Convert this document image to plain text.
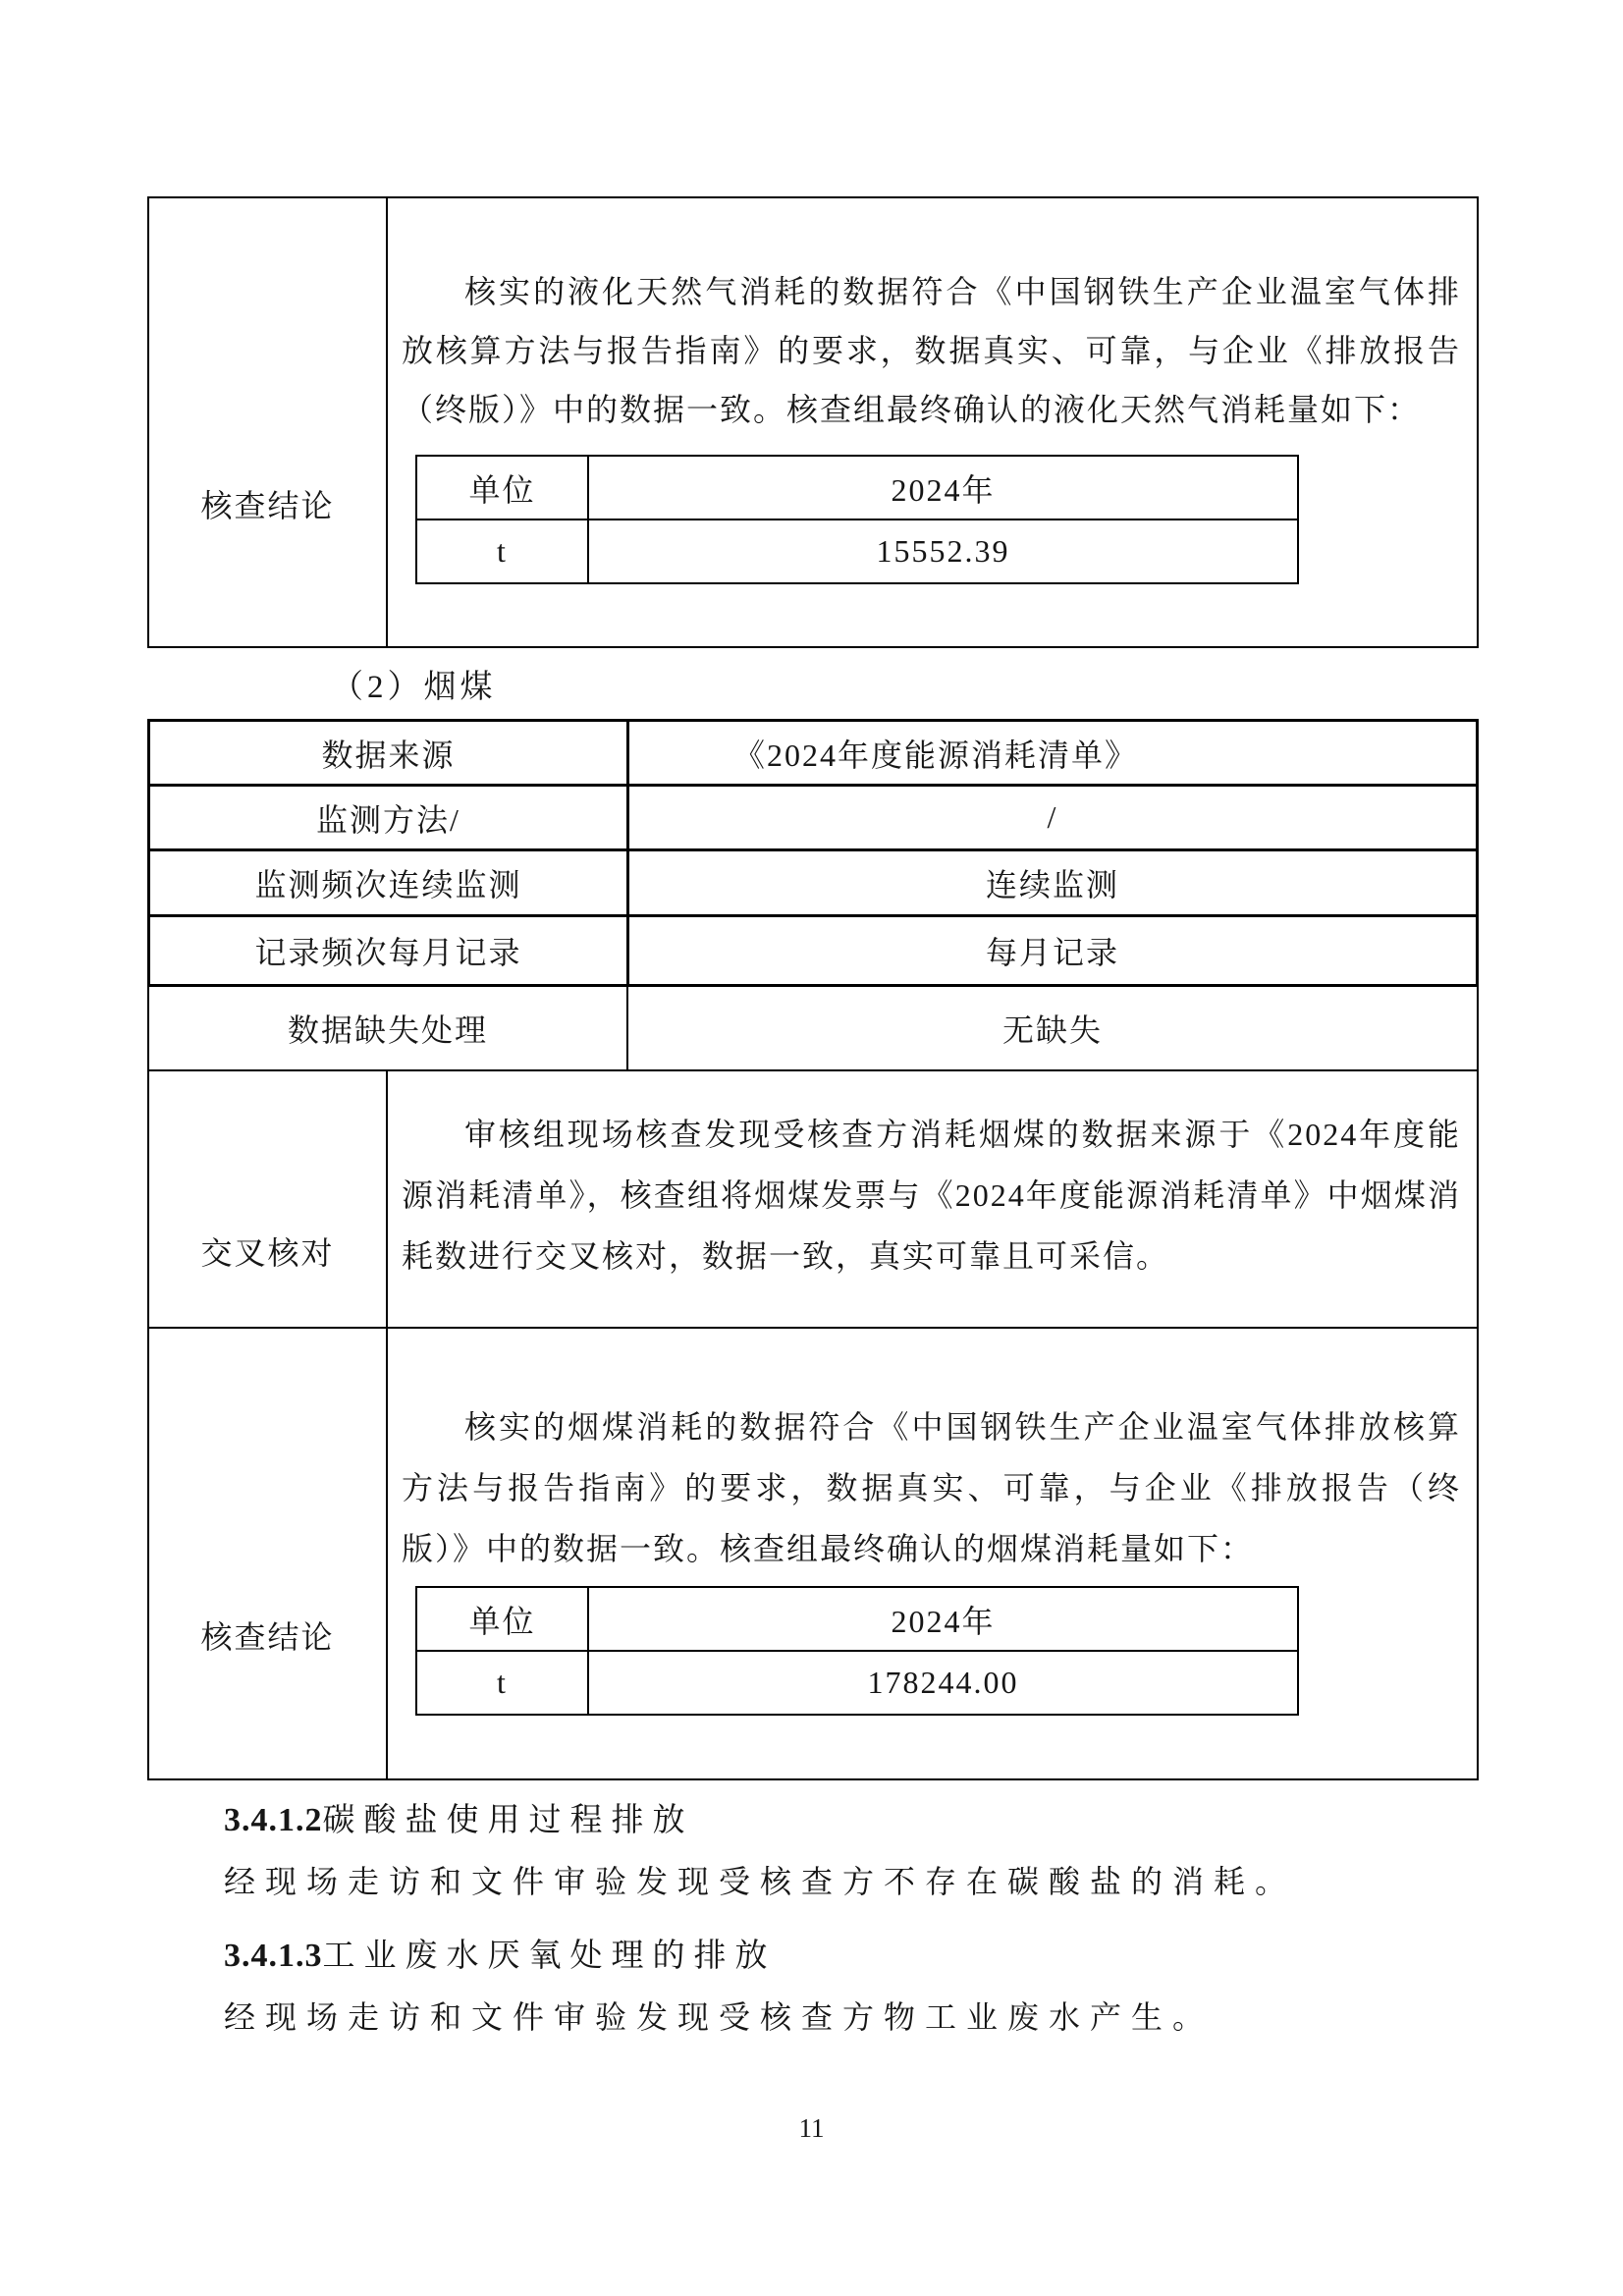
核查结论

核实的液化天然气消耗的数据符合《中国钢铁生产企业温室气体排放核算方法与报告指南》的要求，数据真实、可靠，与企业《排放报告（终版）》中的数据一致。核查组最终确认的液化天然气消耗量如下：

单位	2024年
t	15552.39
（2）烟煤
数据来源	《2024年度能源消耗清单》
监测方法/	/
监测频次连续监测	连续监测
记录频次每月记录	每月记录
数据缺失处理	无缺失
交叉核对

审核组现场核查发现受核查方消耗烟煤的数据来源于《2024年度能源消耗清单》，核查组将烟煤发票与《2024年度能源消耗清单》中烟煤消耗数进行交叉核对，数据一致，真实可靠且可采信。

核查结论

核实的烟煤消耗的数据符合《中国钢铁生产企业温室气体排放核算方法与报告指南》的要求，数据真实、可靠，与企业《排放报告（终版）》中的数据一致。核查组最终确认的烟煤消耗量如下：

单位	2024年
t	178244.00
3.4.1.2 碳酸盐使用过程排放
经现场走访和文件审验发现受核查方不存在碳酸盐的消耗。
3.4.1.3 工业废水厌氧处理的排放
经现场走访和文件审验发现受核查方物工业废水产生。
11
